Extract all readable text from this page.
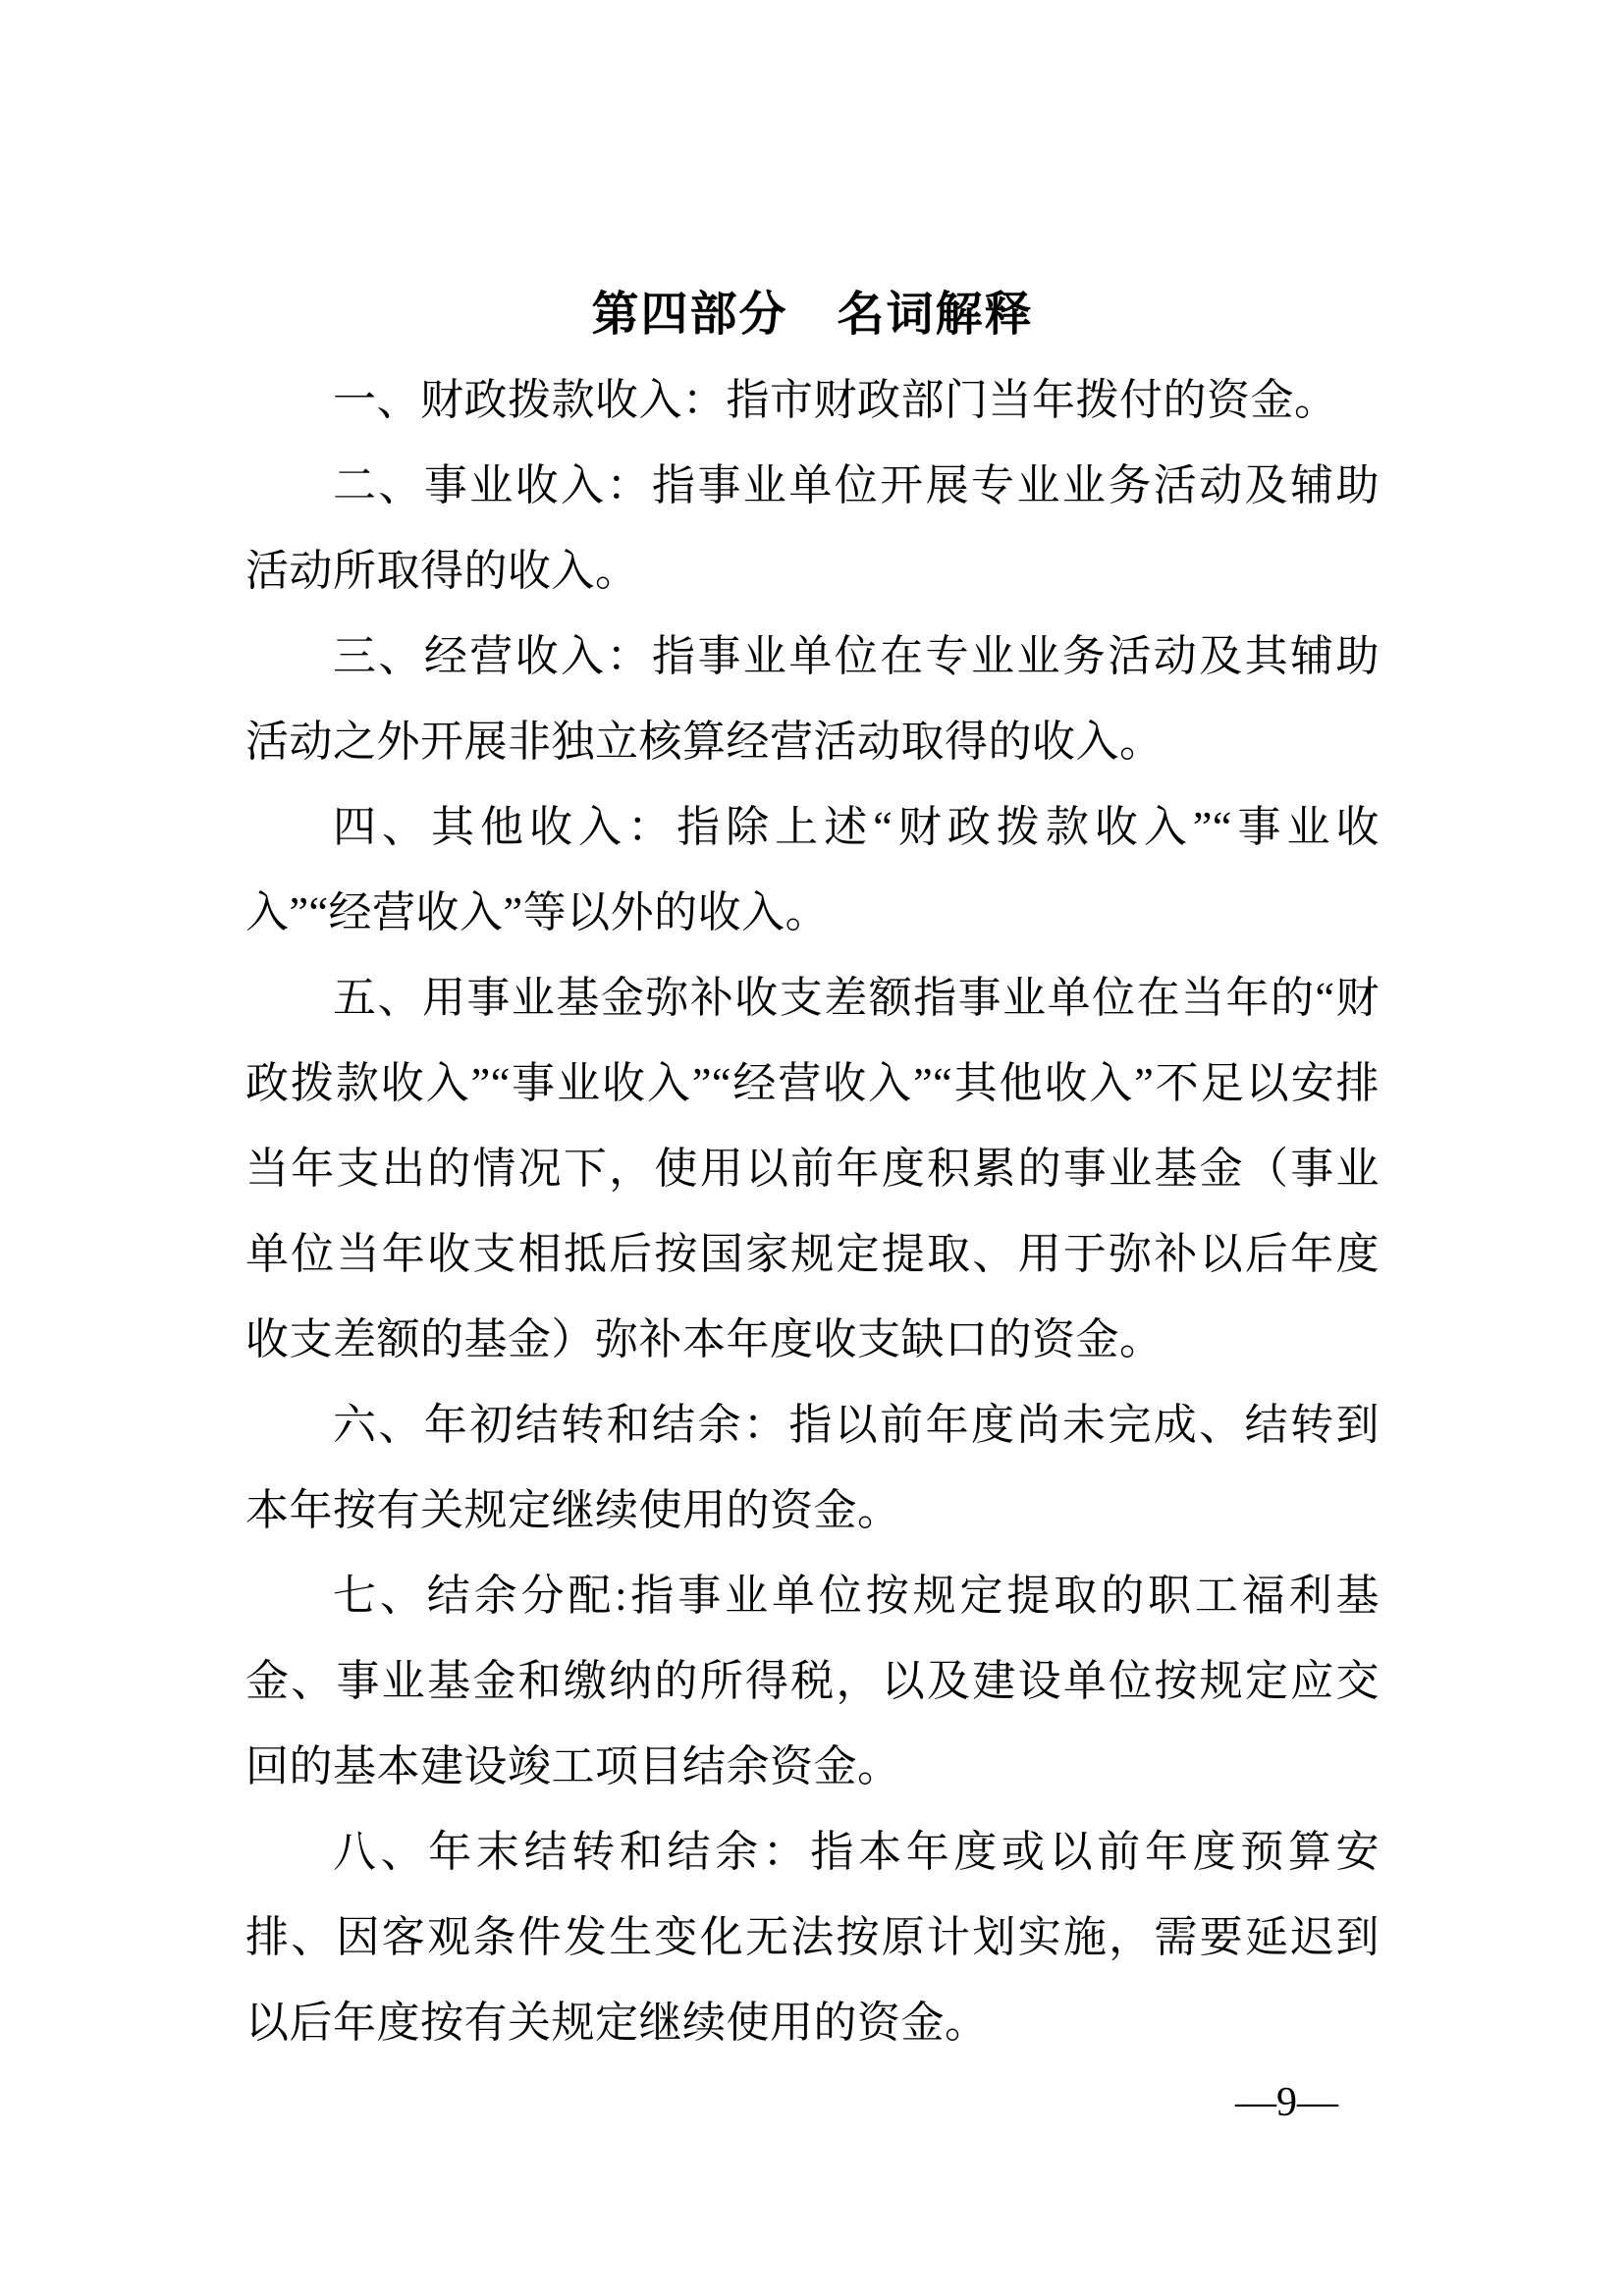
第四部分　名词解释

一、财政拨款收入：指市财政部门当年拨付的资金。

二、事业收入：指事业单位开展专业业务活动及辅助活动所取得的收入。

三、经营收入：指事业单位在专业业务活动及其辅助活动之外开展非独立核算经营活动取得的收入。

四、其他收入：指除上述“财政拨款收入”“事业收入”“经营收入”等以外的收入。

五、用事业基金弥补收支差额指事业单位在当年的“财政拨款收入”“事业收入”“经营收入”“其他收入”不足以安排当年支出的情况下，使用以前年度积累的事业基金（事业单位当年收支相抵后按国家规定提取、用于弥补以后年度收支差额的基金）弥补本年度收支缺口的资金。

六、年初结转和结余：指以前年度尚未完成、结转到本年按有关规定继续使用的资金。

七、结余分配:指事业单位按规定提取的职工福利基金、事业基金和缴纳的所得税，以及建设单位按规定应交回的基本建设竣工项目结余资金。

八、年末结转和结余：指本年度或以前年度预算安排、因客观条件发生变化无法按原计划实施，需要延迟到以后年度按有关规定继续使用的资金。

—9—
